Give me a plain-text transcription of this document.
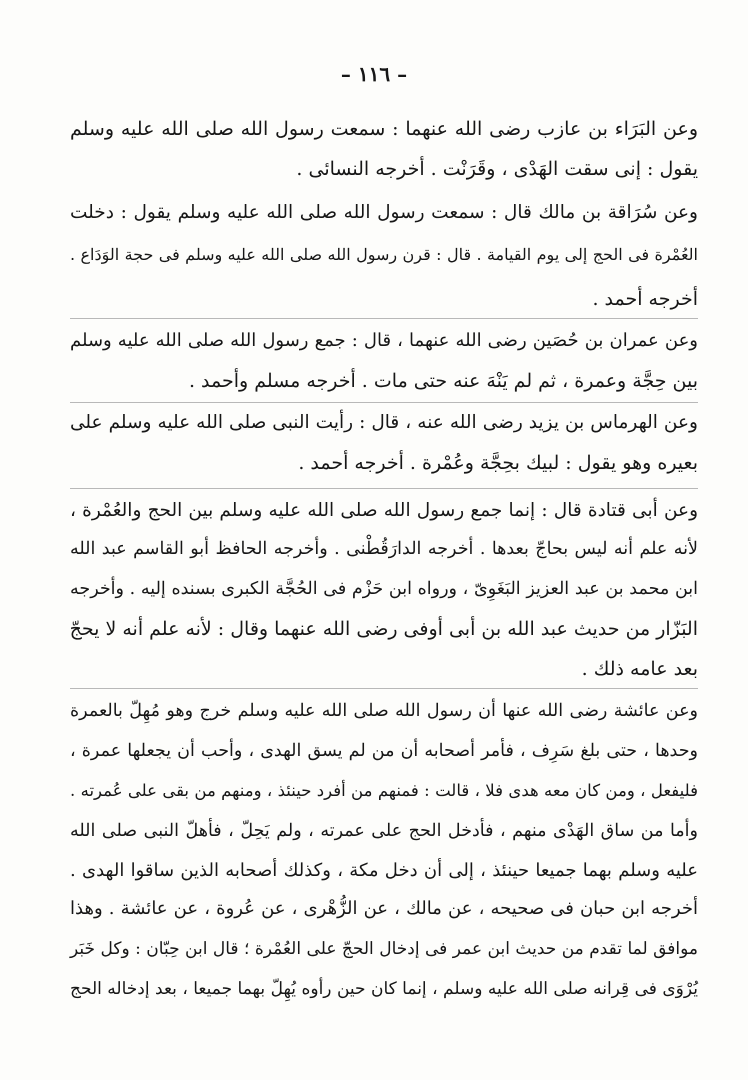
– ١١٦ –
وعن البَرَاء بن عازب رضى الله عنهما : سمعت رسول الله صلى الله عليه وسلم
يقول : إنى سقت الهَدْى ، وقَرَنْت . أخرجه النسائى .
وعن سُرَاقة بن مالك قال : سمعت رسول الله صلى الله عليه وسلم يقول : دخلت
العُمْرة فى الحج إلى يوم القيامة . قال : قرن رسول الله صلى الله عليه وسلم فى حجة الوَدَاع .
أخرجه أحمد .
وعن عمران بن حُصَين رضى الله عنهما ، قال : جمع رسول الله صلى الله عليه وسلم
بين حِجَّة وعمرة ، ثم لم يَنْهَ عنه حتى مات . أخرجه مسلم وأحمد .
وعن الهرماس بن يزيد رضى الله عنه ، قال : رأيت النبى صلى الله عليه وسلم على
بعيره وهو يقول : لبيك بحِجَّة وعُمْرة . أخرجه أحمد .
وعن أبى قتادة قال : إنما جمع رسول الله صلى الله عليه وسلم بين الحج والعُمْرة ،
لأنه علم أنه ليس بحاجّ بعدها . أخرجه الدارَقُطْنى . وأخرجه الحافظ أبو القاسم عبد الله
ابن محمد بن عبد العزيز البَغَوِىّ ، ورواه ابن حَزْم فى الحُجَّة الكبرى بسنده إليه . وأخرجه
البَزّار من حديث عبد الله بن أبى أوفى رضى الله عنهما وقال : لأنه علم أنه لا يحجّ
بعد عامه ذلك .
وعن عائشة رضى الله عنها أن رسول الله صلى الله عليه وسلم خرج وهو مُهِلّ بالعمرة
وحدها ، حتى بلغ سَرِف ، فأمر أصحابه أن من لم يسق الهدى ، وأحب أن يجعلها عمرة ،
فليفعل ، ومن كان معه هدى فلا ، قالت : فمنهم من أفرد حينئذ ، ومنهم من بقى على عُمرته .
وأما من ساق الهَدْى منهم ، فأدخل الحج على عمرته ، ولم يَحِلّ ، فأهلّ النبى صلى الله
عليه وسلم بهما جميعا حينئذ ، إلى أن دخل مكة ، وكذلك أصحابه الذين ساقوا الهدى .
أخرجه ابن حبان فى صحيحه ، عن مالك ، عن الزُّهْرى ، عن عُروة ، عن عائشة . وهذا
موافق لما تقدم من حديث ابن عمر فى إدخال الحجّ على العُمْرة ؛ قال ابن حِبّان : وكل خَبَر
يُرْوَى فى قِرانه صلى الله عليه وسلم ، إنما كان حين رأوه يُهِلّ بهما جميعا ، بعد إدخاله الحج
